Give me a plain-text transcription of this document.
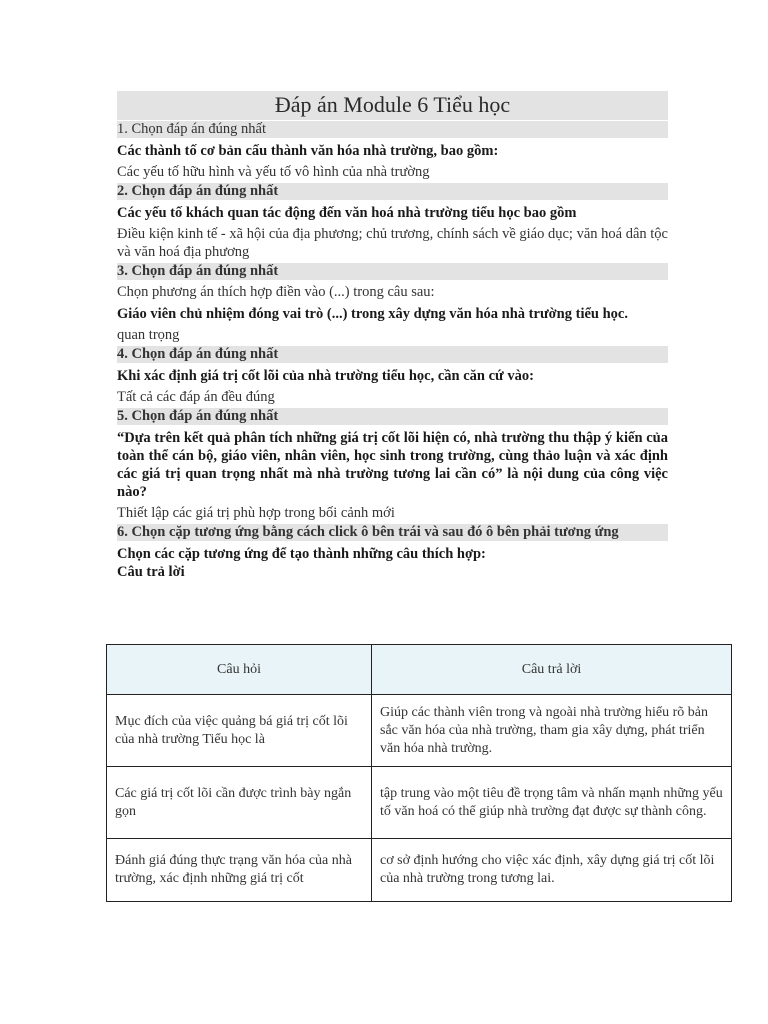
Đáp án Module 6 Tiểu học
1. Chọn đáp án đúng nhất
Các thành tố cơ bản cấu thành văn hóa nhà trường, bao gồm:
Các yếu tố hữu hình và yếu tố vô hình của nhà trường
2. Chọn đáp án đúng nhất
Các yếu tố khách quan tác động đến văn hoá nhà trường tiểu học bao gồm
Điều kiện kinh tế - xã hội của địa phương; chủ trương, chính sách về giáo dục; văn hoá dân tộc và văn hoá địa phương
3. Chọn đáp án đúng nhất
Chọn phương án thích hợp điền vào (...) trong câu sau:
Giáo viên chủ nhiệm đóng vai trò (...) trong xây dựng văn hóa nhà trường tiểu học.
quan trọng
4. Chọn đáp án đúng nhất
Khi xác định giá trị cốt lõi của nhà trường tiểu học, cần căn cứ vào:
Tất cả các đáp án đều đúng
5. Chọn đáp án đúng nhất
“Dựa trên kết quả phân tích những giá trị cốt lõi hiện có, nhà trường thu thập ý kiến của toàn thể cán bộ, giáo viên, nhân viên, học sinh trong trường, cùng thảo luận và xác định các giá trị quan trọng nhất mà nhà trường tương lai cần có” là nội dung của công việc nào?
Thiết lập các giá trị phù hợp trong bối cảnh mới
6. Chọn cặp tương ứng bằng cách click ô bên trái và sau đó ô bên phải tương ứng
Chọn các cặp tương ứng để tạo thành những câu thích hợp:
Câu trả lời
Câu hỏi	Câu trả lời
Mục đích của việc quảng bá giá trị cốt lõi của nhà trường Tiểu học là	Giúp các thành viên trong và ngoài nhà trường hiểu rõ bản sắc văn hóa của nhà trường, tham gia xây dựng, phát triển văn hóa nhà trường.
Các giá trị cốt lõi cần được trình bày ngắn gọn	tập trung vào một tiêu đề trọng tâm và nhấn mạnh những yếu tố văn hoá có thể giúp nhà trường đạt được sự thành công.
Đánh giá đúng thực trạng văn hóa của nhà trường, xác định những giá trị cốt	cơ sở định hướng cho việc xác định, xây dựng giá trị cốt lõi của nhà trường trong tương lai.
